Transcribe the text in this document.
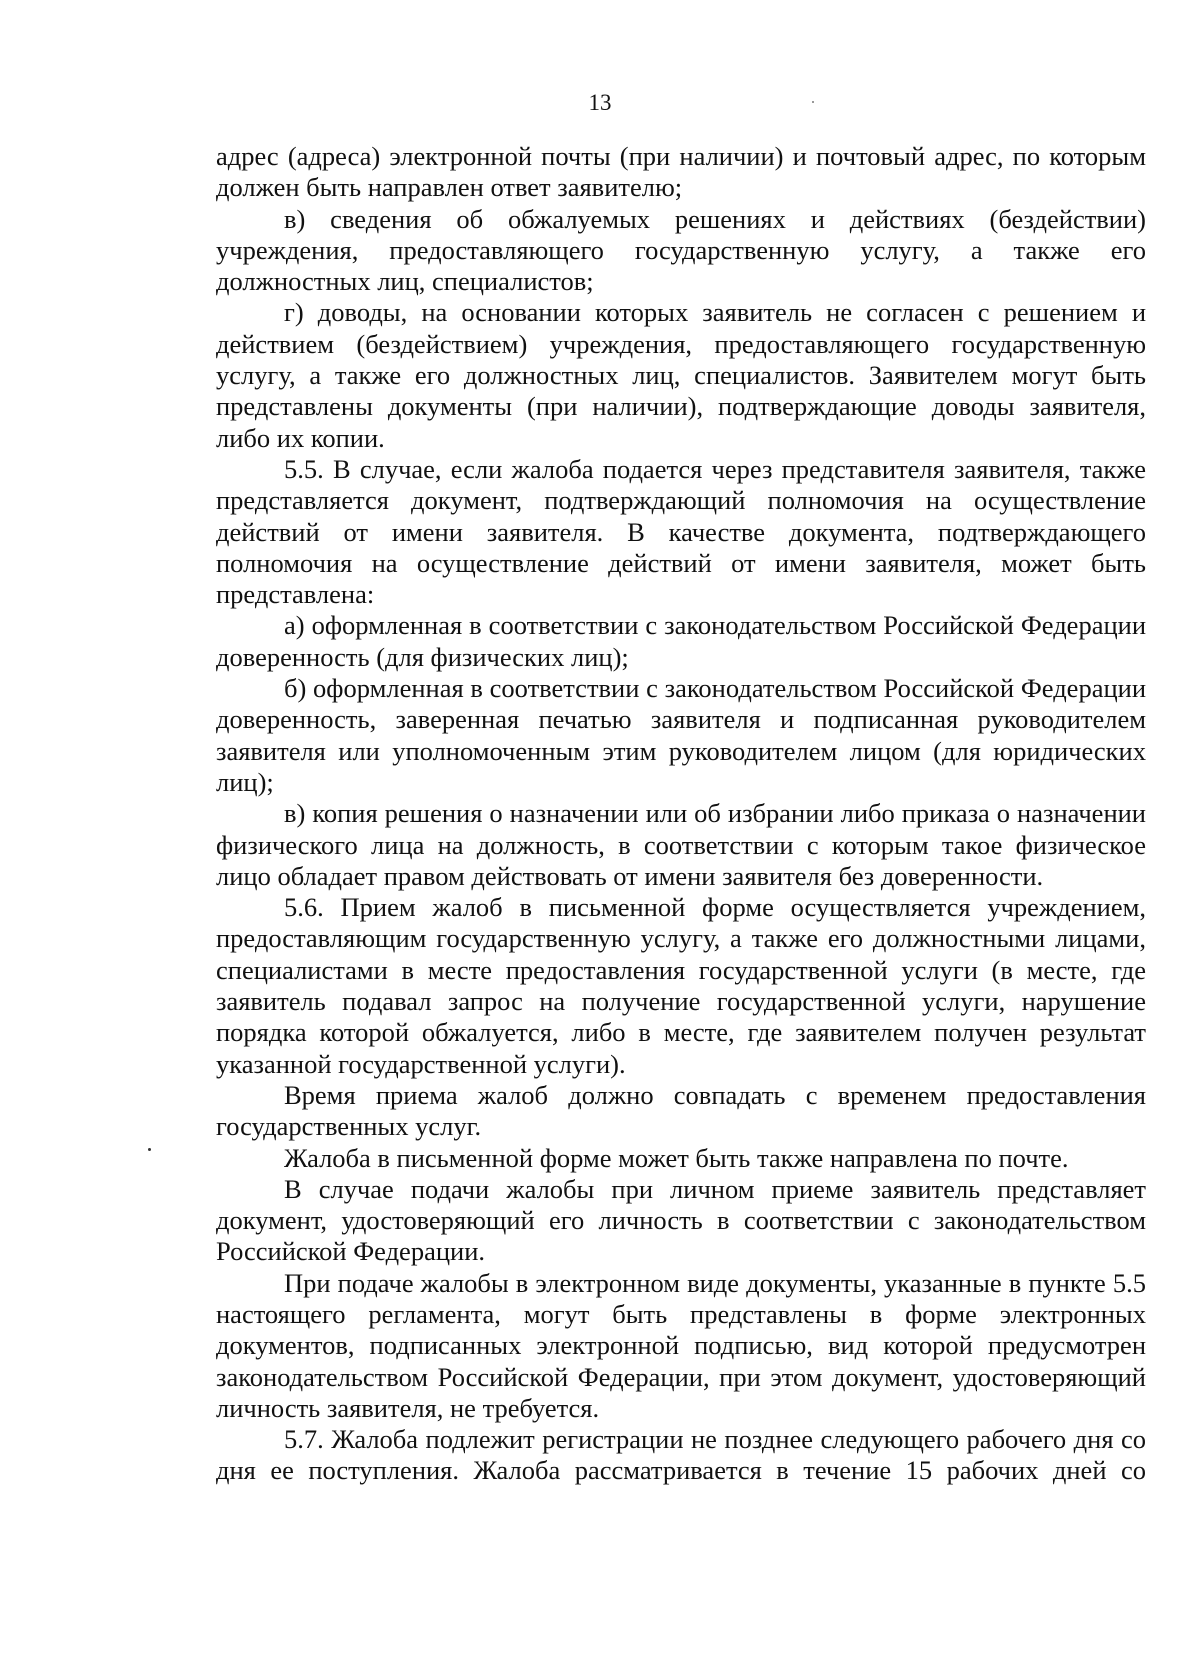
13

адрес (адреса) электронной почты (при наличии) и почтовый адрес, по которым должен быть направлен ответ заявителю;

в) сведения об обжалуемых решениях и действиях (бездействии) учреждения, предоставляющего государственную услугу, а также его должностных лиц, специалистов;

г) доводы, на основании которых заявитель не согласен с решением и действием (бездействием) учреждения, предоставляющего государственную услугу, а также его должностных лиц, специалистов. Заявителем могут быть представлены документы (при наличии), подтверждающие доводы заявителя, либо их копии.

5.5. В случае, если жалоба подается через представителя заявителя, также представляется документ, подтверждающий полномочия на осуществление действий от имени заявителя. В качестве документа, подтверждающего полномочия на осуществление действий от имени заявителя, может быть представлена:

а) оформленная в соответствии с законодательством Российской Федерации доверенность (для физических лиц);

б) оформленная в соответствии с законодательством Российской Федерации доверенность, заверенная печатью заявителя и подписанная руководителем заявителя или уполномоченным этим руководителем лицом (для юридических лиц);

в) копия решения о назначении или об избрании либо приказа о назначении физического лица на должность, в соответствии с которым такое физическое лицо обладает правом действовать от имени заявителя без доверенности.

5.6. Прием жалоб в письменной форме осуществляется учреждением, предоставляющим государственную услугу, а также его должностными лицами, специалистами в месте предоставления государственной услуги (в месте, где заявитель подавал запрос на получение государственной услуги, нарушение порядка которой обжалуется, либо в месте, где заявителем получен результат указанной государственной услуги).

Время приема жалоб должно совпадать с временем предоставления государственных услуг.

Жалоба в письменной форме может быть также направлена по почте.

В случае подачи жалобы при личном приеме заявитель представляет документ, удостоверяющий его личность в соответствии с законодательством Российской Федерации.

При подаче жалобы в электронном виде документы, указанные в пункте 5.5 настоящего регламента, могут быть представлены в форме электронных документов, подписанных электронной подписью, вид которой предусмотрен законодательством Российской Федерации, при этом документ, удостоверяющий личность заявителя, не требуется.

5.7. Жалоба подлежит регистрации не позднее следующего рабочего дня со дня ее поступления. Жалоба рассматривается в течение 15 рабочих дней со
